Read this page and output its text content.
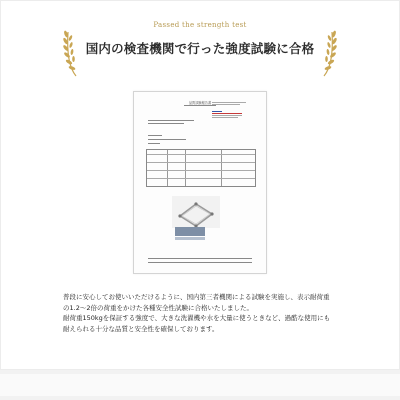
Passed the strength test
国内の検査機関で行った強度試験に合格
品質試験報告書

普段に安心してお使いいただけるように、国内第三者機関による試験を実施し、表示耐荷重

の1.2〜2倍の荷重をかけた各種安全性試験に合格いたしました。

耐荷重150kgを保証する強度で、大きな洗濯機や水を大量に使うときなど、過酷な使用にも

耐えられる十分な品質と安全性を確保しております。
